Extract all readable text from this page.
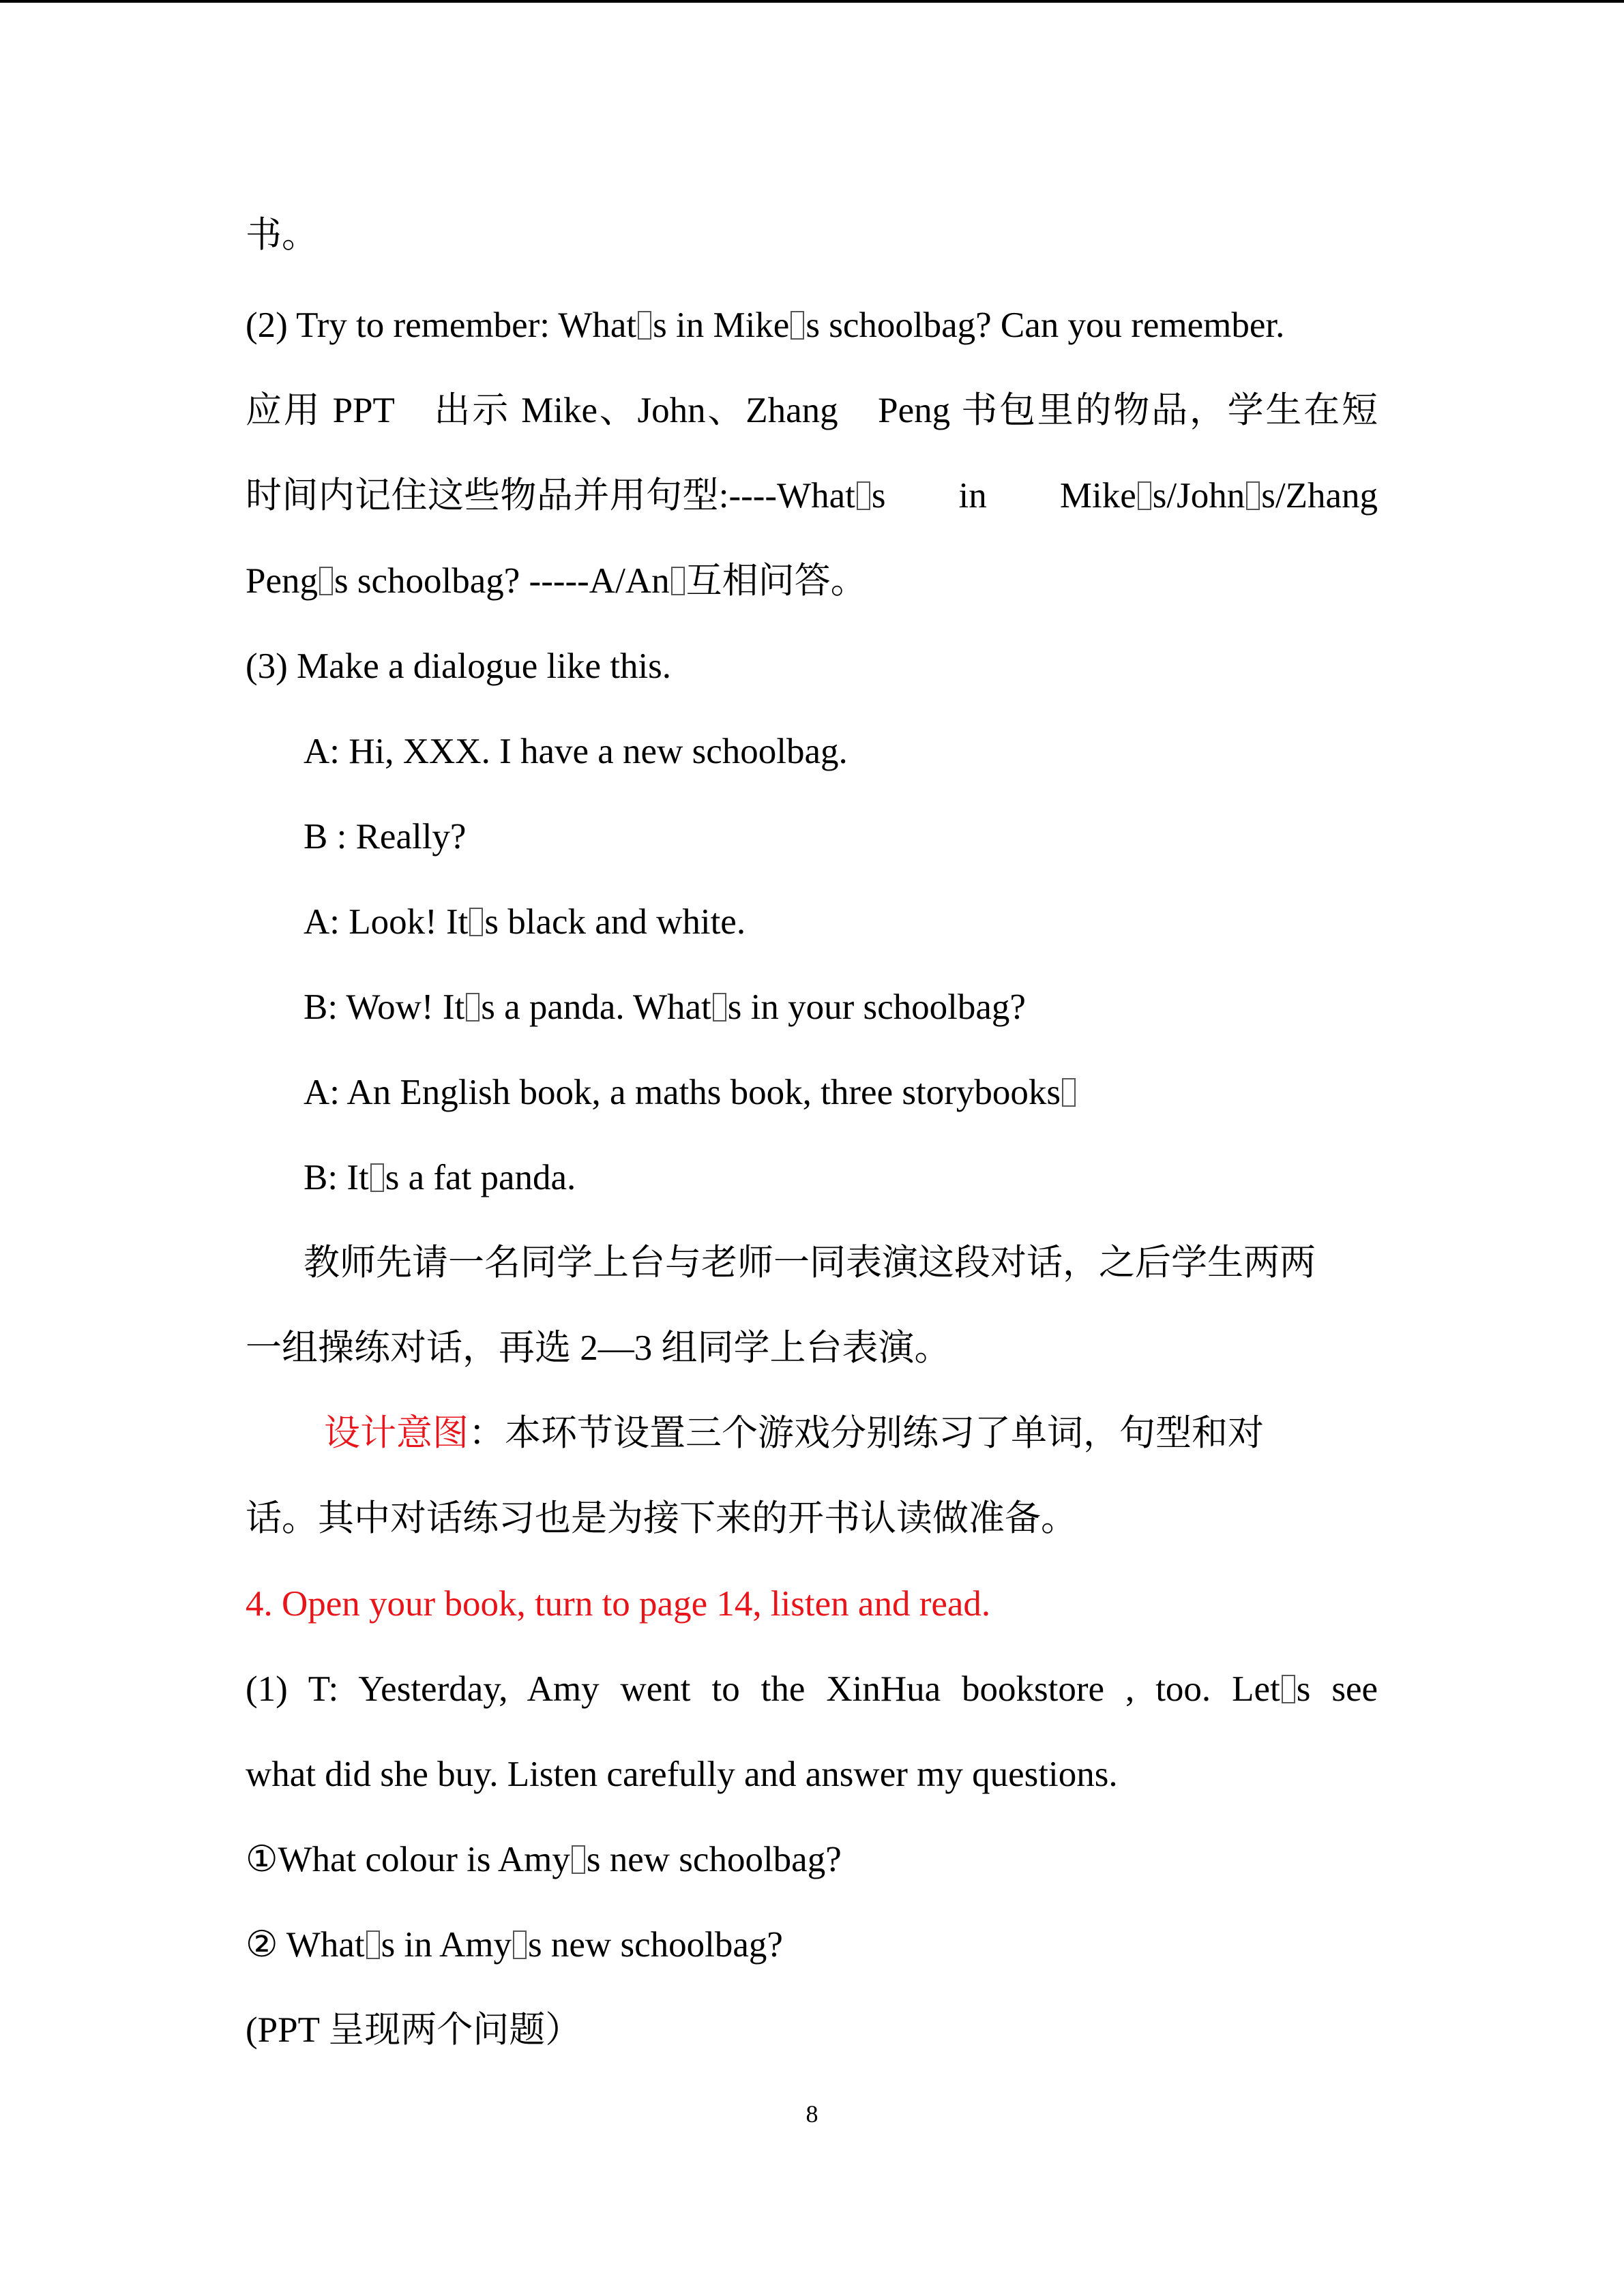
书。
(2) Try to remember: What s in Mike s schoolbag? Can you remember.
应用 PPT　出示 Mike、John、Zhang　Peng 书包里的物品，学生在短
时间内记住这些物品并用句型:----What s　　in　　Mike s/John s/Zhang
Peng s schoolbag? -----A/An 互相问答。
(3) Make a dialogue like this.
A: Hi, XXX. I have a new schoolbag.
B : Really?
A: Look! It s black and white.
B: Wow! It s a panda. What s in your schoolbag?
A: An English book, a maths book, three storybooks
B: It s a fat panda.
教师先请一名同学上台与老师一同表演这段对话，之后学生两两
一组操练对话，再选 2—3 组同学上台表演。
设计意图：本环节设置三个游戏分别练习了单词，句型和对
话。其中对话练习也是为接下来的开书认读做准备。
4. Open your book, turn to page 14, listen and read.
(1) T: Yesterday, Amy went to the XinHua bookstore , too. Let s see
what did she buy. Listen carefully and answer my questions.
①What colour is Amy s new schoolbag?
② What s in Amy s new schoolbag?
(PPT 呈现两个问题）
8
